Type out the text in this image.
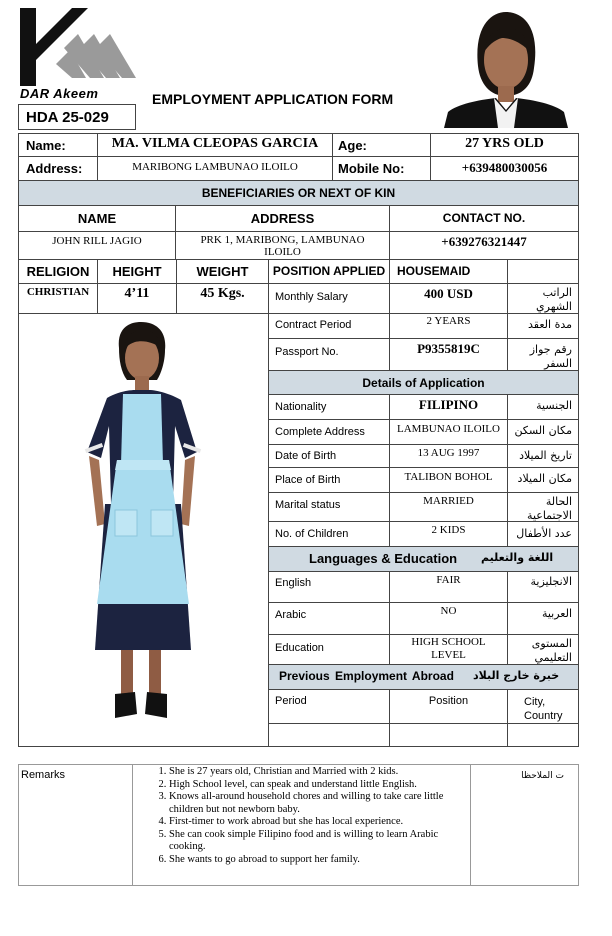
DAR Akeem	EMPLOYMENT APPLICATION FORM
HDA 25-029
Name:	MA. VILMA CLEOPAS GARCIA	Age:	27 YRS OLD
Address:	MARIBONG LAMBUNAO ILOILO	Mobile No:	+639480030056
BENEFICIARIES OR NEXT OF KIN
NAME	ADDRESS	CONTACT NO.
JOHN RILL JAGIO	PRK 1, MARIBONG, LAMBUNAO ILOILO
+639276321447
RELIGION	HEIGHT	WEIGHT	POSITION APPLIED HOUSEMAID
CHRISTIAN	4’11	45 Kgs.	Monthly Salary	400 USD	الراتب الشهري
Contract Period	2 YEARS	مدة العقد
Passport No.	P9355819C	رقم جواز السفر
Details of Application
Nationality	FILIPINO	الجنسية
Complete Address	LAMBUNAO ILOILO	مكان السكن
Date of Birth	13 AUG 1997	تاريخ الميلاد
Place of Birth	TALIBON BOHOL	مكان الميلاد
Marital status	MARRIED	الحالة الاجتماعية
No. of Children	2 KIDS	عدد الأطفال
Languages & Education اللغة والتعليم
English	FAIR	الانجليزية
Arabic	NO	العربية
Education	HIGH SCHOOL LEVEL
المستوى التعليمي
Previous Employment Abroad خبرة خارج البلاد
Period	Position	City, Country
Remarks
1.	She is 27 years old, Christian and Married with 2 kids.
2. High School level, can speak and understand little English.
3. Knows all-around household chores and willing to take care little children but not newborn baby.
4. First-timer to work abroad but she has local experience.
5. She can cook simple Filipino food and is willing to learn Arabic cooking.
6. She wants to go abroad to support her family.
ت الملاحظا
